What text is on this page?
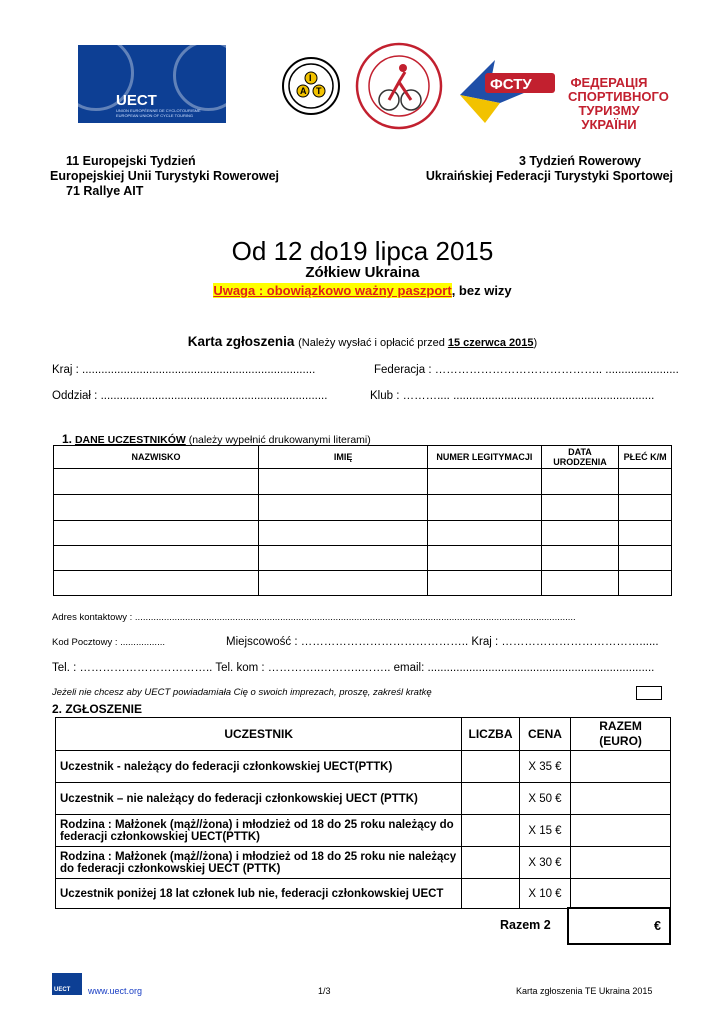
UECT
UNION EUROPÉENNE DE CYCLOTOURISME EUROPEAN UNION OF CYCLE TOURING
A
I
T	ФСТУ	ФЕДЕРАЦІЯ СПОРТИВНОГО ТУРИЗМУ УКРАЇНИ
11 Europejski Tydzień
Europejskiej Unii Turystyki Rowerowej
71 Rallye AIT
3 Tydzień Rowerowy
Ukraińskiej Federacji Turystyki Sportowej
Od 12 do19 lipca 2015
Zółkiew Ukraina
Uwaga : obowiązkowo ważny paszport, bez wizy
Karta zgłoszenia (Należy wysłać i opłacić przed 15 czerwca 2015)
Kraj : .........................................................................	Federacja : …………………………………….. .......................
Oddział : .......................................................................	Klub : ……….... ...............................................................
1. DANE UCZESTNIKÓW (należy wypełnić drukowanymi literami)
NAZWISKO	IMIĘ	NUMER LEGITYMACJI	DATA URODZENIA	PŁEĆ K/M

Adres kontaktowy : .......................................................................................................................................................................
Kod Pocztowy : .................	Miejscowość : …………………………………….. Kraj : ………………………………......
Tel. : …………………………….. Tel. kom : …………..………..…….. email: .......................................................................
Jeżeli nie chcesz aby UECT powiadamiała Cię o swoich imprezach, proszę, zakreśl kratkę
2. ZGŁOSZENIE
UCZESTNIK	LICZBA	CENA	RAZEM
(EURO)
Uczestnik - należący do federacji członkowskiej UECT(PTTK)		X 35 €	
Uczestnik – nie należący do federacji członkowskiej UECT (PTTK)		X 50 €	
Rodzina : Małżonek (mąż//żona) i młodzież od 18 do 25 roku należący do federacji członkowskiej UECT(PTTK)		X 15 €	
Rodzina : Małżonek (mąż//żona) i młodzież od 18 do 25 roku nie należący do federacji członkowskiej UECT (PTTK)		X 30 €	
Uczestnik poniżej 18 lat członek lub nie, federacji członkowskiej UECT		X 10 €	
Razem 2	€
UECT www.uect.org	1/3	Karta zgłoszenia TE Ukraina 2015
